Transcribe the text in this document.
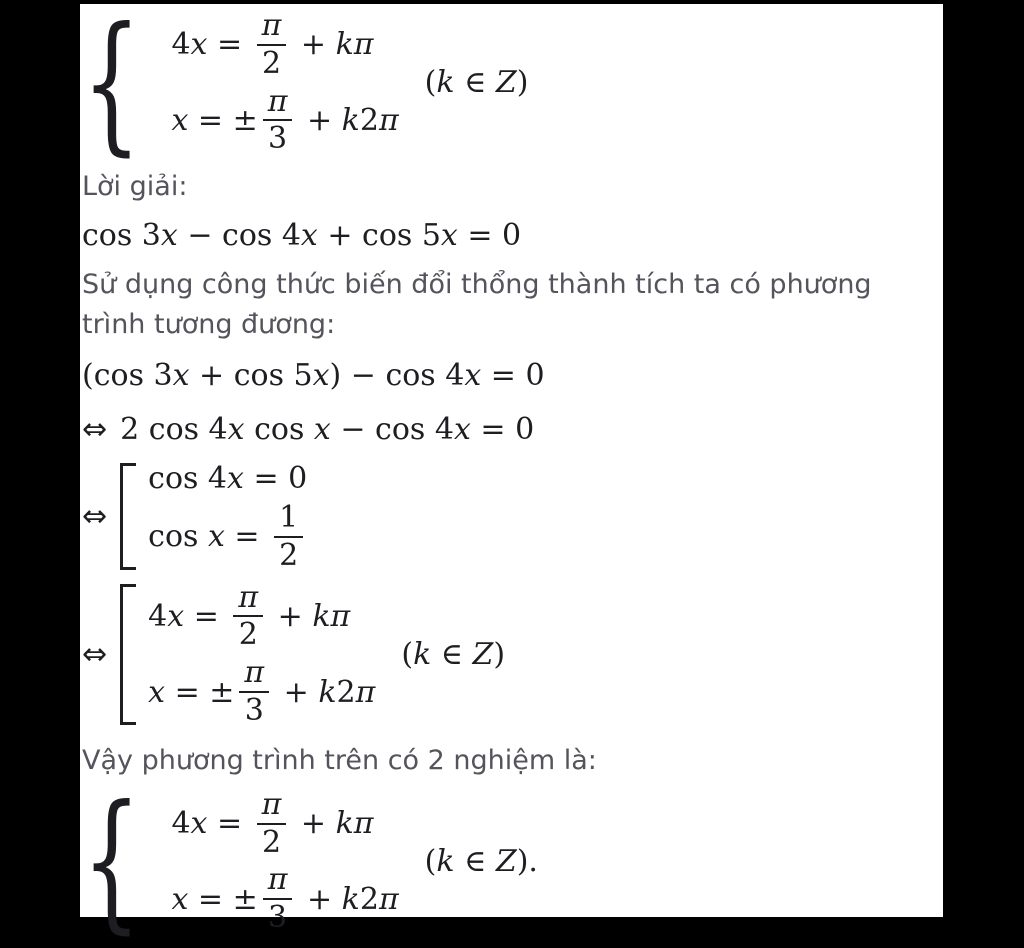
{ 4 $x = \frac{\pi}{2} + k\pi$
x = ± $\frac{\pi}{3} + k$ 2 π
( k ∈ Z )
Lời giải:
cos 3 x − cos 4 x + cos 5 x = 0
Sử dụng công thức biến đổi thổng thành tích ta có phương trình tương đương:
(cos 3 x + cos 5 x ) − cos 4 x = 0
⇔ 2 cos 4 x cos x − cos 4 x = 0
⇔
cos 4 x = 0
$\cos x = \frac{1}{2}$
⇔
4 $x = \frac{\pi}{2} + k\pi$
x = ± $\frac{\pi}{3} + k$ 2 π
( k ∈ Z )
Vậy phương trình trên có 2 nghiệm là:
{ 4 $x = \frac{\pi}{2} + k\pi$
x = ± $\frac{\pi}{3} + k$ 2 π
( k ∈ Z ).
